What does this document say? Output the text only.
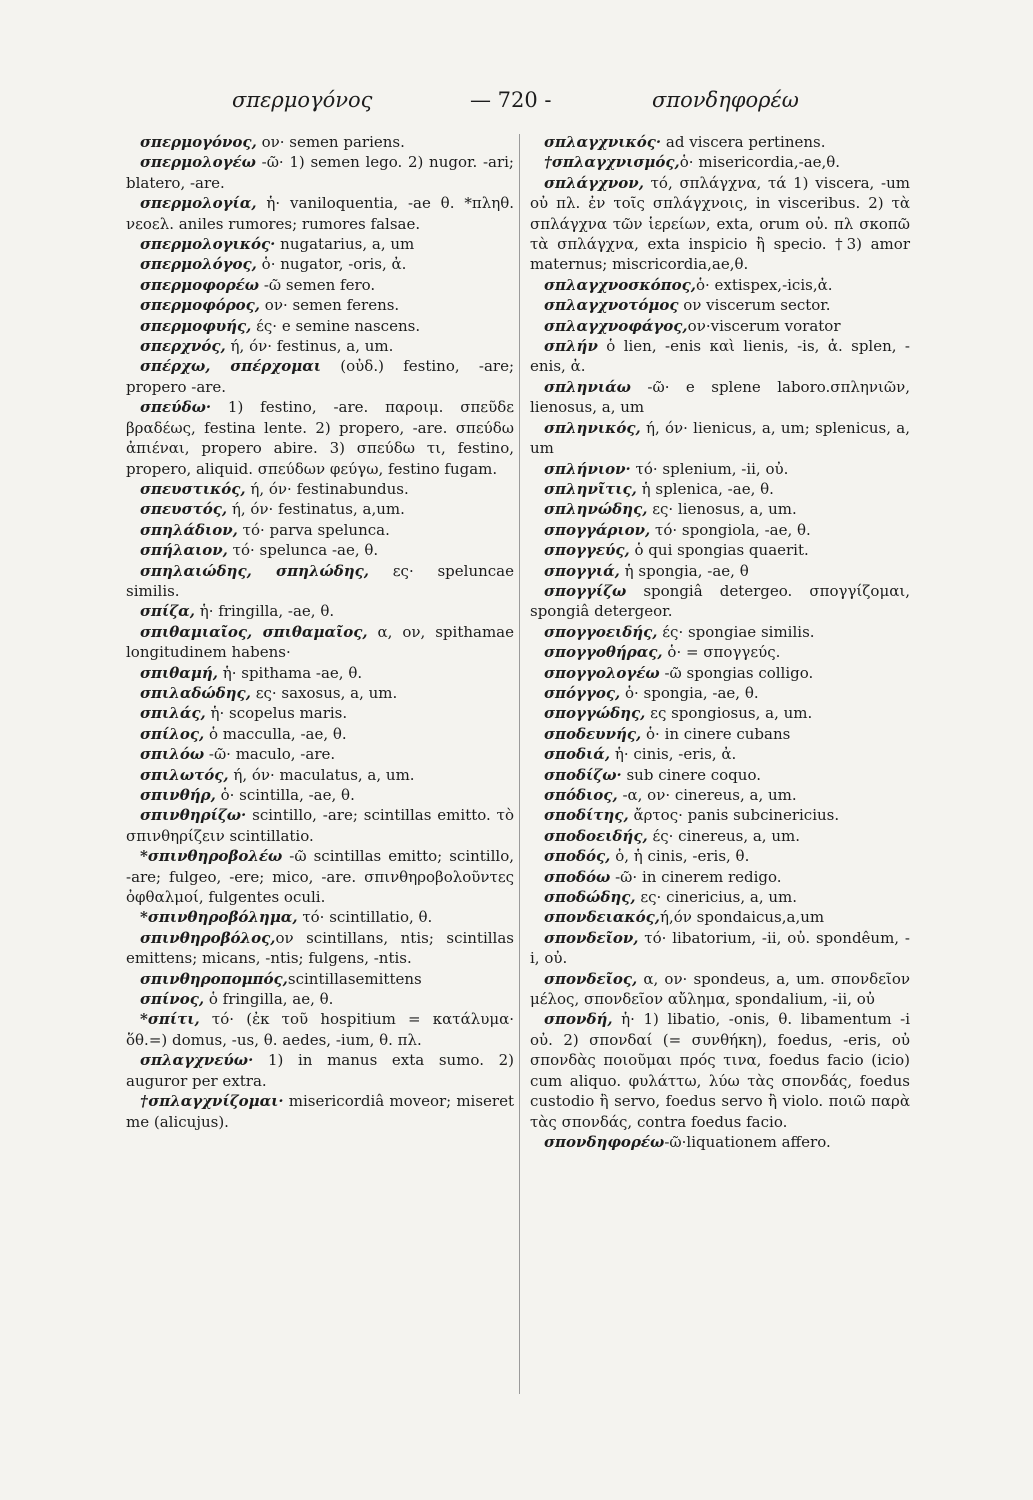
σπερμογόνος	— 720 -	σπονδηφορέω

σπερμογόνος, ον· semen pariens.

σπερμολογέω -ῶ· 1) semen lego. 2) nugor. -ari; blatero, -are.

σπερμολογία, ἡ· vaniloquentia, -ae θ. *πληθ. νεοελ. aniles rumores; rumores falsae.

σπερμολογικός· nugatarius, a, um

σπερμολόγος, ὁ· nugator, -oris, ἀ.

σπερμοφορέω -ῶ semen fero.

σπερμοφόρος, ον· semen ferens.

σπερμοφυής, ές· e semine nascens.

σπερχνός, ή, όν· festinus, a, um.

σπέρχω, σπέρχομαι (οὐδ.) festino, -are; propero -are.

σπεύδω· 1) festino, -are. παροιμ. σπεῦδε βραδέως, festina lente. 2) propero, -are. σπεύδω ἀπιέναι, propero abire. 3) σπεύδω τι, festino, propero, aliquid. σπεύδων φεύγω, festino fugam.

σπευστικός, ή, όν· festinabundus.

σπευστός, ή, όν· festinatus, a,um.

σπηλάδιον, τό· parva spelunca.

σπήλαιον, τό· spelunca -ae, θ.

σπηλαιώδης, σπηλώδης, ες· speluncae similis.

σπίζα, ἡ· fringilla, -ae, θ.

σπιθαμιαῖος, σπιθαμαῖος, α, ον, spithamae longitudinem habens·

σπιθαμή, ἡ· spithama -ae, θ.

σπιλαδώδης, ες· saxosus, a, um.

σπιλάς, ἡ· scopelus maris.

σπίλος, ὁ macculla, -ae, θ.

σπιλόω -ῶ· maculo, -are.

σπιλωτός, ή, όν· maculatus, a, um.

σπινθήρ, ὁ· scintilla, -ae, θ.

σπινθηρίζω· scintillo, -are; scintillas emitto. τὸ σπινθηρίζειν scintillatio.

*σπινθηροβολέω -ῶ scintillas emitto; scintillo, -are; fulgeo, -ere; mico, -are. σπινθηροβολοῦντες ὀφθαλμοί, fulgentes oculi.

*σπινθηροβόλημα, τό· scintillatio, θ.

σπινθηροβόλος,ον scintillans, ntis; scintillas emittens; micans, -ntis; fulgens, -ntis.

σπινθηροπομπός,scintillasemittens

σπίνος, ὁ fringilla, ae, θ.

*σπίτι, τό· (ἐκ τοῦ hospitium = κατάλυμα· ὅθ.=) domus, -us, θ. aedes, -ium, θ. πλ.

σπλαγχνεύω· 1) in manus exta sumo. 2) auguror per extra.

†σπλαγχνίζομαι· misericordiâ moveor; miseret me (alicujus).

σπλαγχνικός· ad viscera pertinens.

†σπλαγχνισμός,ὁ· misericordia,-ae,θ.

σπλάγχνον, τό, σπλάγχνα, τά 1) viscera, -um οὐ πλ. ἐν τοῖς σπλάγχνοις, in visceribus. 2) τὰ σπλάγχνα τῶν ἱερείων, exta, orum οὐ. πλ σκοπῶ τὰ σπλάγχνα, exta inspicio ἢ specio. †3) amor maternus; miscricordia,ae,θ.

σπλαγχνοσκόπος,ὁ· extispex,-icis,ἀ.

σπλαγχνοτόμος ον viscerum sector.

σπλαγχνοφάγος,ον·viscerum vorator

σπλήν ὁ lien, -enis καὶ lienis, -is, ἀ. splen, -enis, ἀ.

σπληνιάω -ῶ· e splene laboro.σπληνιῶν, lienosus, a, um

σπληνικός, ή, όν· lienicus, a, um; splenicus, a, um

σπλήνιον· τό· splenium, -ii, οὐ.

σπληνῖτις, ἡ splenica, -ae, θ.

σπληνώδης, ες· lienosus, a, um.

σπογγάριον, τό· spongiola, -ae, θ.

σπογγεύς, ὁ qui spongias quaerit.

σπογγιά, ἡ spongia, -ae, θ

σπογγίζω spongiâ detergeo. σπογγίζομαι, spongiâ detergeor.

σπογγοειδής, ές· spongiae similis.

σπογγοθήρας, ὁ· = σπογγεύς.

σπογγολογέω -ῶ spongias colligo.

σπόγγος, ὁ· spongia, -ae, θ.

σπογγώδης, ες spongiosus, a, um.

σποδευνής, ὁ· in cinere cubans

σποδιά, ἡ· cinis, -eris, ἀ.

σποδίζω· sub cinere coquo.

σπόδιος, -α, ον· cinereus, a, um.

σποδίτης, ἄρτος· panis subcinericius.

σποδοειδής, ές· cinereus, a, um.

σποδός, ὁ, ἡ cinis, -eris, θ.

σποδόω -ῶ· in cinerem redigo.

σποδώδης, ες· cinericius, a, um.

σπονδειακός,ή,όν spondaicus,a,um

σπονδεῖον, τό· libatorium, -ii, οὐ. spondêum, -i, οὐ.

σπονδεῖος, α, ον· spondeus, a, um. σπονδεῖον μέλος, σπονδεῖον αὔλημα, spondalium, -ii, οὐ

σπονδή, ἡ· 1) libatio, -onis, θ. libamentum -i οὐ. 2) σπονδαί (= συνθήκη), foedus, -eris, οὐ σπονδὰς ποιοῦμαι πρός τινα, foedus facio (icio) cum aliquo. φυλάττω, λύω τὰς σπονδάς, foedus custodio ἢ servo, foedus servo ἢ violo. ποιῶ παρὰ τὰς σπονδάς, contra foedus facio.

σπονδηφορέω-ῶ·liquationem affero.
